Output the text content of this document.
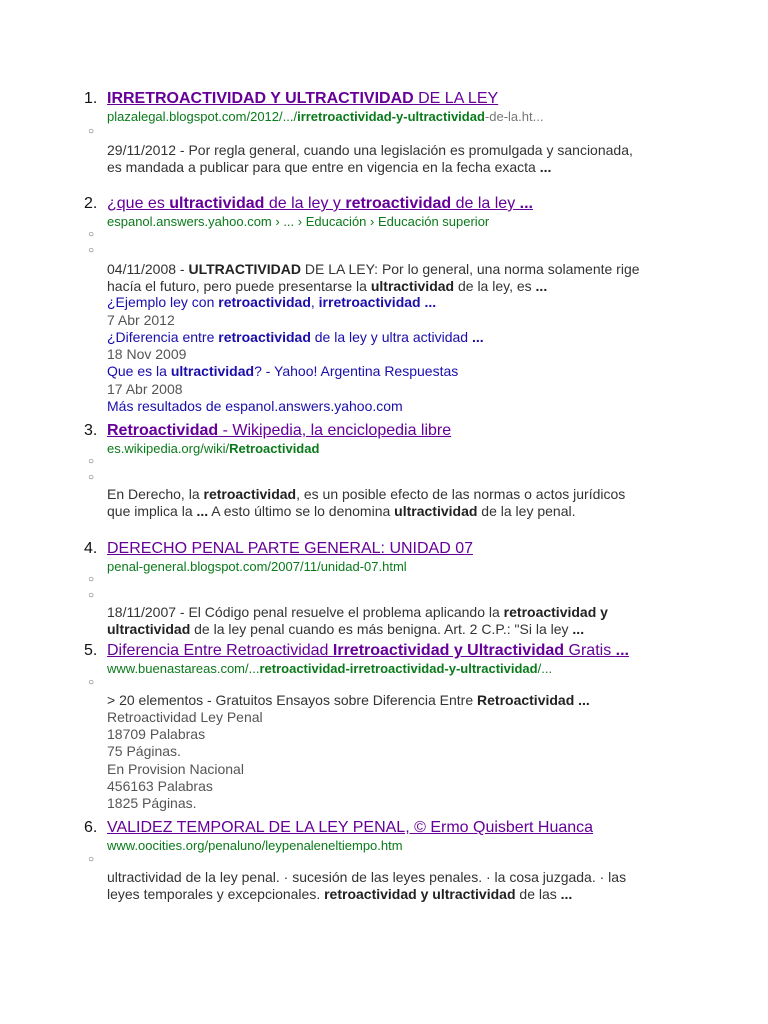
1. IRRETROACTIVIDAD Y ULTRACTIVIDAD DE LA LEY
plazalegal.blogspot.com/2012/.../irretroactividad-y-ultractividad-de-la.ht...
○
29/11/2012 - Por regla general, cuando una legislación es promulgada y sancionada, es mandada a publicar para que entre en vigencia en la fecha exacta ...
2. ¿que es ultractividad de la ley y retroactividad de la ley ...
espanol.answers.yahoo.com › ... › Educación › Educación superior
○
○
04/11/2008 - ULTRACTIVIDAD DE LA LEY: Por lo general, una norma solamente rige hacía el futuro, pero puede presentarse la ultractividad de la ley, es ...
¿Ejemplo ley con retroactividad, irretroactividad ...
7 Abr 2012
¿Diferencia entre retroactividad de la ley y ultra actividad ...
18 Nov 2009
Que es la ultractividad? - Yahoo! Argentina Respuestas
17 Abr 2008
Más resultados de espanol.answers.yahoo.com
3. Retroactividad - Wikipedia, la enciclopedia libre
es.wikipedia.org/wiki/Retroactividad
○
○
En Derecho, la retroactividad, es un posible efecto de las normas o actos jurídicos que implica la ... A esto último se lo denomina ultractividad de la ley penal.
4. DERECHO PENAL PARTE GENERAL: UNIDAD 07
penal-general.blogspot.com/2007/11/unidad-07.html
○
○
18/11/2007 - El Código penal resuelve el problema aplicando la retroactividad y ultractividad de la ley penal cuando es más benigna. Art. 2 C.P.: "Si la ley ...
5. Diferencia Entre Retroactividad Irretroactividad y Ultractividad Gratis ...
www.buenastareas.com/...retroactividad-irretroactividad-y-ultractividad/...
○
> 20 elementos - Gratuitos Ensayos sobre Diferencia Entre Retroactividad ...
Retroactividad Ley Penal
18709 Palabras
75 Páginas.
En Provision Nacional
456163 Palabras
1825 Páginas.
6. VALIDEZ TEMPORAL DE LA LEY PENAL, © Ermo Quisbert Huanca
www.oocities.org/penaluno/leypenaleneltiempo.htm
○
ultractividad de la ley penal. · sucesión de las leyes penales. · la cosa juzgada. · las leyes temporales y excepcionales. retroactividad y ultractividad de las ...
